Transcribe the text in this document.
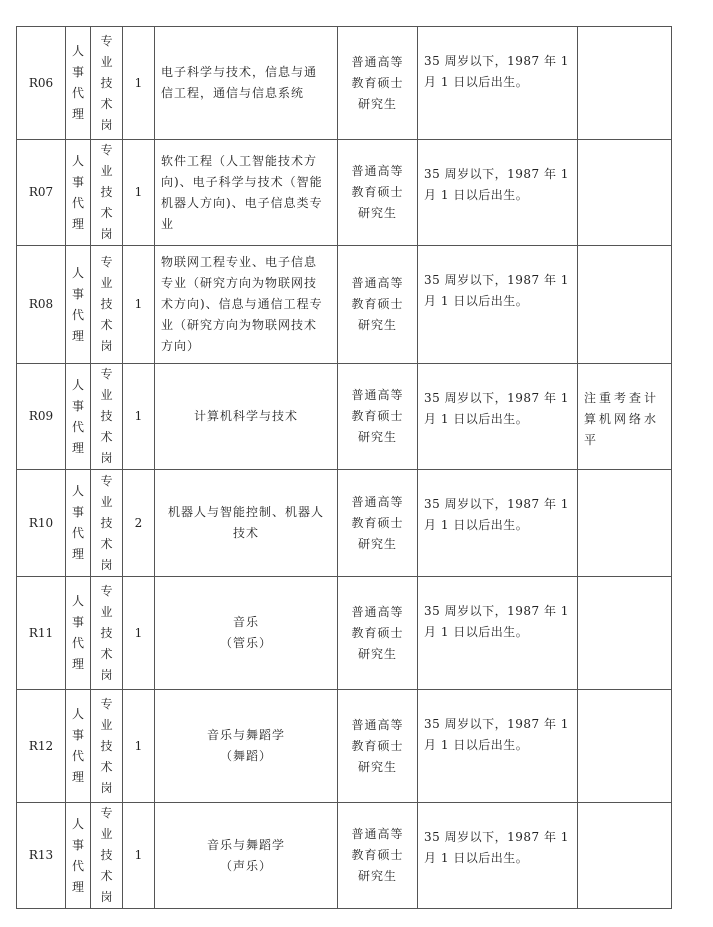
R06	人事代理	专业技术岗	1	电子科学与技术，信息与通
信工程，通信与信息系统	普通高等
教育硕士
研究生	35 周岁以下，1987 年 1
月 1 日以后出生。	
R07	人事代理	专业技术岗	1	软件工程（人工智能技术方
向)、电子科学与技术（智能
机器人方向)、电子信息类专
业	普通高等
教育硕士
研究生	35 周岁以下，1987 年 1
月 1 日以后出生。	
R08	人事代理	专业技术岗	1	物联网工程专业、电子信息
专业（研究方向为物联网技
术方向)、信息与通信工程专
业（研究方向为物联网技术
方向）	普通高等
教育硕士
研究生	35 周岁以下，1987 年 1
月 1 日以后出生。	
R09	人事代理	专业技术岗	1	计算机科学与技术	普通高等
教育硕士
研究生	35 周岁以下，1987 年 1
月 1 日以后出生。	注重考查计
算机网络水
平
R10	人事代理	专业技术岗	2	机器人与智能控制、机器人
技术	普通高等
教育硕士
研究生	35 周岁以下，1987 年 1
月 1 日以后出生。	
R11	人事代理	专业技术岗	1	音乐
（管乐）	普通高等
教育硕士
研究生	35 周岁以下，1987 年 1
月 1 日以后出生。	
R12	人事代理	专业技术岗	1	音乐与舞蹈学
（舞蹈）	普通高等
教育硕士
研究生	35 周岁以下，1987 年 1
月 1 日以后出生。	
R13	人事代理	专业技术岗	1	音乐与舞蹈学
（声乐）	普通高等
教育硕士
研究生	35 周岁以下，1987 年 1
月 1 日以后出生。	
